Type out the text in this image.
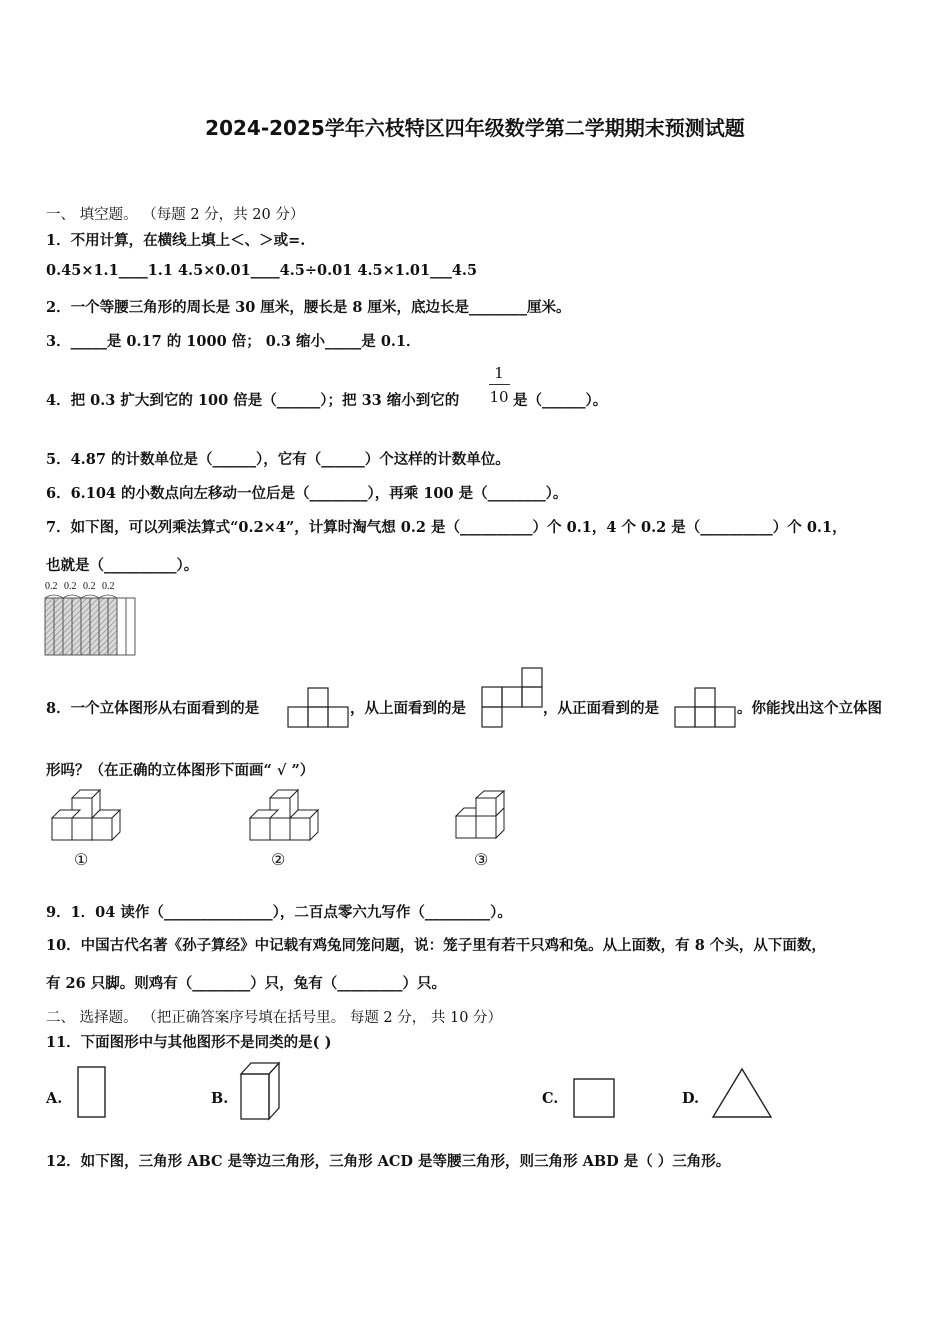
2024-2025学年六枝特区四年级数学第二学期期末预测试题
一、 填空题。 （每题 2 分，共 20 分）
1．不用计算，在横线上填上＜、＞或=.
0.45×1.1____1.1 4.5×0.01____4.5÷0.01 4.5×1.01___4.5
2．一个等腰三角形的周长是 30 厘米，腰长是 8 厘米，底边长是________厘米。
3．_____是 0.17 的 1000 倍； 0.3 缩小_____是 0.1．
4．把 0.3 扩大到它的 100 倍是（______）；把 33 缩小到它的
1
10 是（______）。
5．4.87 的计数单位是（______），它有（______）个这样的计数单位。
6．6.104 的小数点向左移动一位后是（________），再乘 100 是（________）。
7．如下图，可以列乘法算式“0.2×4”，计算时淘气想 0.2 是（__________）个 0.1，4 个 0.2 是（__________）个 0.1，
也就是（__________）。
0.2 0.2 0.2 0.2
8．一个立体图形从右面看到的是	，从上面看到的是	，从正面看到的是	。你能找出这个立体图
形吗？（在正确的立体图形下面画“ √ ”）
①	②	③
9．1．04 读作（_______________），二百点零六九写作（_________）。
10．中国古代名著《孙子算经》中记载有鸡兔同笼问题，说：笼子里有若干只鸡和兔。从上面数，有 8 个头，从下面数，
有 26 只脚。则鸡有（________）只，兔有（_________）只。
二、 选择题。 （把正确答案序号填在括号里。 每题 2 分， 共 10 分）
11．下面图形中与其他图形不是同类的是( )
A.	B.	C.	D.
12．如下图，三角形 ABC 是等边三角形，三角形 ACD 是等腰三角形，则三角形 ABD 是（ ）三角形。
